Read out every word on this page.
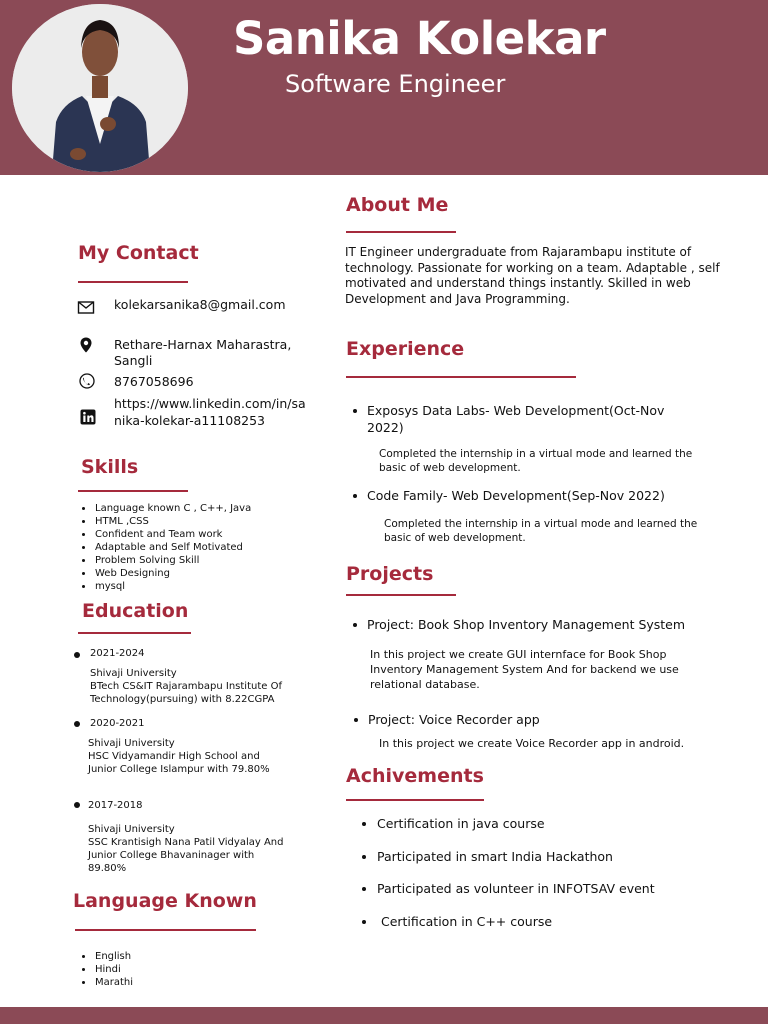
Sanika Kolekar
Software Engineer
About Me
IT Engineer undergraduate from Rajarambapu institute of technology. Passionate for working on a team. Adaptable , self motivated and understand things instantly. Skilled in web Development and Java Programming.
My Contact
kolekarsanika8@gmail.com
Rethare-Harnax Maharastra,
Sangli
8767058696
https://www.linkedin.com/in/sa
nika-kolekar-a11108253
Skills
Language known C , C++, Java
HTML ,CSS
Confident and Team work
Adaptable and Self Motivated
Problem Solving Skill
Web Designing
mysql
Education
2021-2024
Shivaji University
BTech CS&IT Rajarambapu Institute Of
Technology(pursuing) with 8.22CGPA
2020-2021
Shivaji University
HSC Vidyamandir High School and
Junior College Islampur with 79.80%
2017-2018
Shivaji University
SSC Krantisigh Nana Patil Vidyalay And
Junior College Bhavaninager with
89.80%
Language Known
English
Hindi
Marathi
Experience
Exposys Data Labs- Web Development(Oct-Nov
2022)
Completed the internship in a virtual mode and learned the
basic of web development.
Code Family- Web Development(Sep-Nov 2022)
Completed the internship in a virtual mode and learned the
basic of web development.
Projects
Project: Book Shop Inventory Management System
In this project we create GUI internface for Book Shop
Inventory Management System And for backend we use
relational database.
Project: Voice Recorder app
In this project we create Voice Recorder app in android.
Achivements
Certification in java course
Participated in smart India Hackathon
Participated as volunteer in INFOTSAV event
Certification in C++ course
